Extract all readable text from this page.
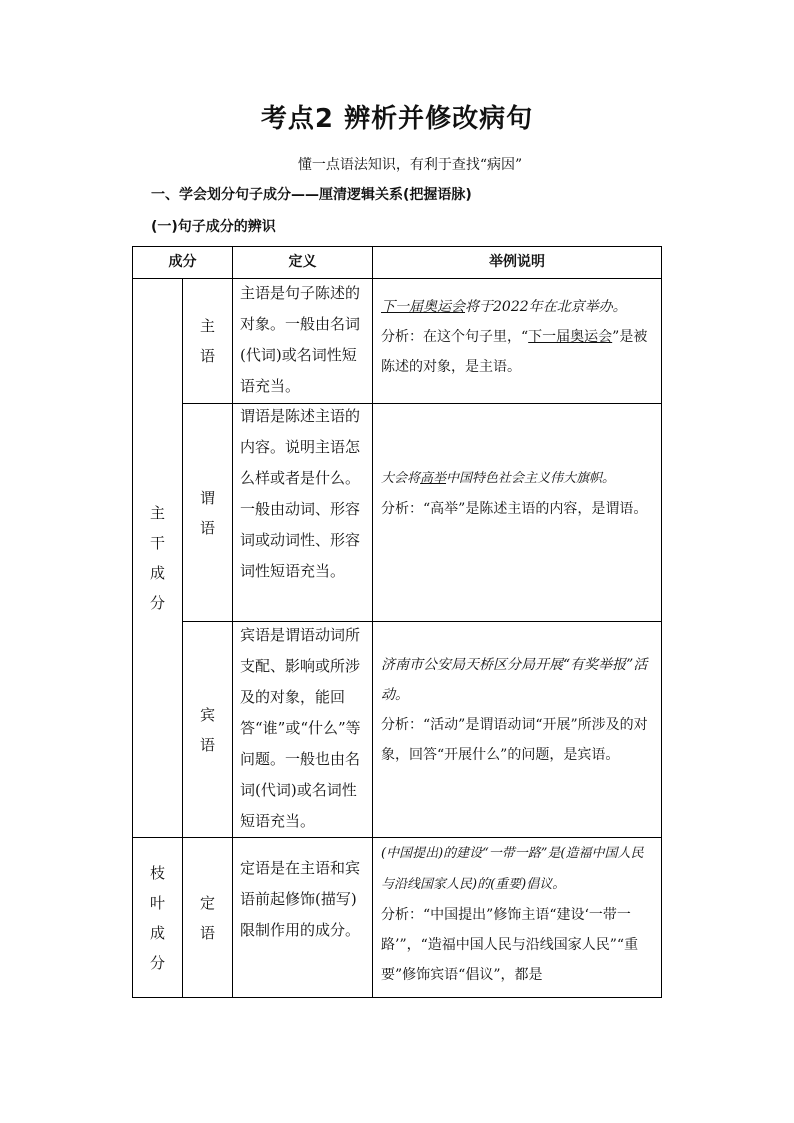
考点2 辨析并修改病句
懂一点语法知识，有利于查找“病因”
一、学会划分句子成分——厘清逻辑关系(把握语脉)
(一)句子成分的辨识
成分	定义	举例说明
主干成分
枝叶成分
主语
主语是句子陈述的对象。一般由名词(代词)或名词性短语充当。
下一届奥运会将于2022年在北京举办。
分析：在这个句子里，“下一届奥运会”是被陈述的对象，是主语。
谓语
谓语是陈述主语的内容。说明主语怎么样或者是什么。一般由动词、形容词或动词性、形容词性短语充当。
大会将高举中国特色社会主义伟大旗帜。
分析：“高举”是陈述主语的内容，是谓语。
宾语
宾语是谓语动词所支配、影响或所涉及的对象，能回答“谁”或“什么”等问题。一般也由名词(代词)或名词性短语充当。
济南市公安局天桥区分局开展“有奖举报”活动。
分析：“活动”是谓语动词“开展”所涉及的对象，回答“开展什么”的问题，是宾语。
定语
定语是在主语和宾语前起修饰(描写)限制作用的成分。
(中国提出)的建设“一带一路”是(造福中国人民与沿线国家人民)的(重要)倡议。
分析：“中国提出”修饰主语“建设‘一带一路’”，“造福中国人民与沿线国家人民”“重要”修饰宾语“倡议”，都是
